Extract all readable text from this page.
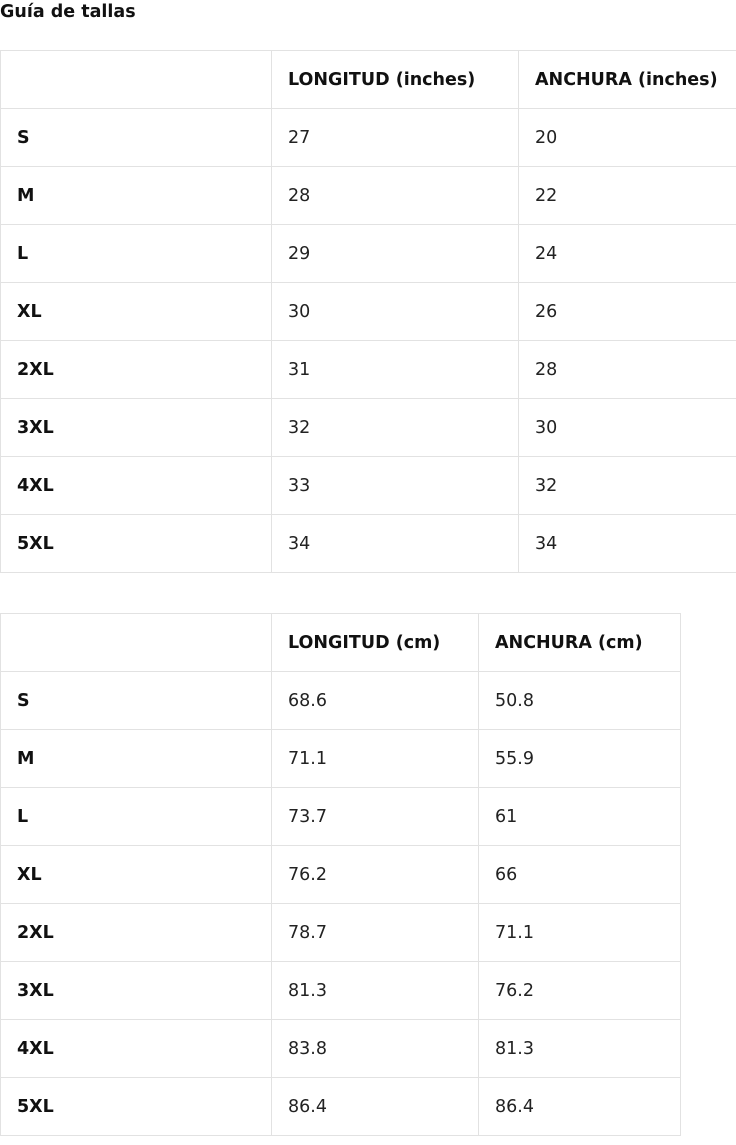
Guía de tallas
	LONGITUD (inches)	ANCHURA (inches)
S	27	20
M	28	22
L	29	24
XL	30	26
2XL	31	28
3XL	32	30
4XL	33	32
5XL	34	34
	LONGITUD (cm)	ANCHURA (cm)
S	68.6	50.8
M	71.1	55.9
L	73.7	61
XL	76.2	66
2XL	78.7	71.1
3XL	81.3	76.2
4XL	83.8	81.3
5XL	86.4	86.4
